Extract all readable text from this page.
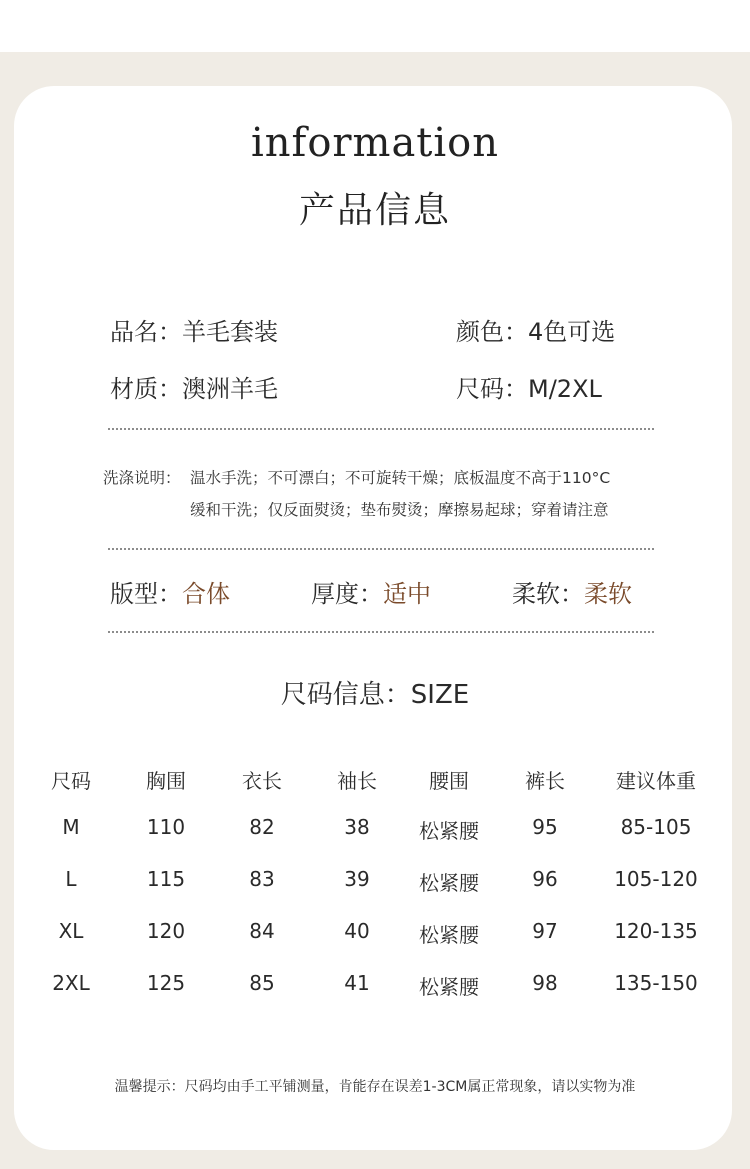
information
产品信息
品名：羊毛套装	颜色：4色可选
材质：澳洲羊毛	尺码：M/2XL
洗涤说明： 温水手洗；不可漂白；不可旋转干燥；底板温度不高于110°C
缓和干洗；仅反面熨烫；垫布熨烫；摩擦易起球；穿着请注意
版型：合体	厚度：适中	柔软：柔软
尺码信息：SIZE
尺码	胸围	衣长	袖长	腰围	裤长	建议体重
M	110	82	38	松紧腰	95	85-105
L	115	83	39	松紧腰	96	105-120
XL	120	84	40	松紧腰	97	120-135
2XL	125	85	41	松紧腰	98	135-150
温馨提示：尺码均由手工平铺测量，肯能存在误差1-3CM属正常现象，请以实物为准
